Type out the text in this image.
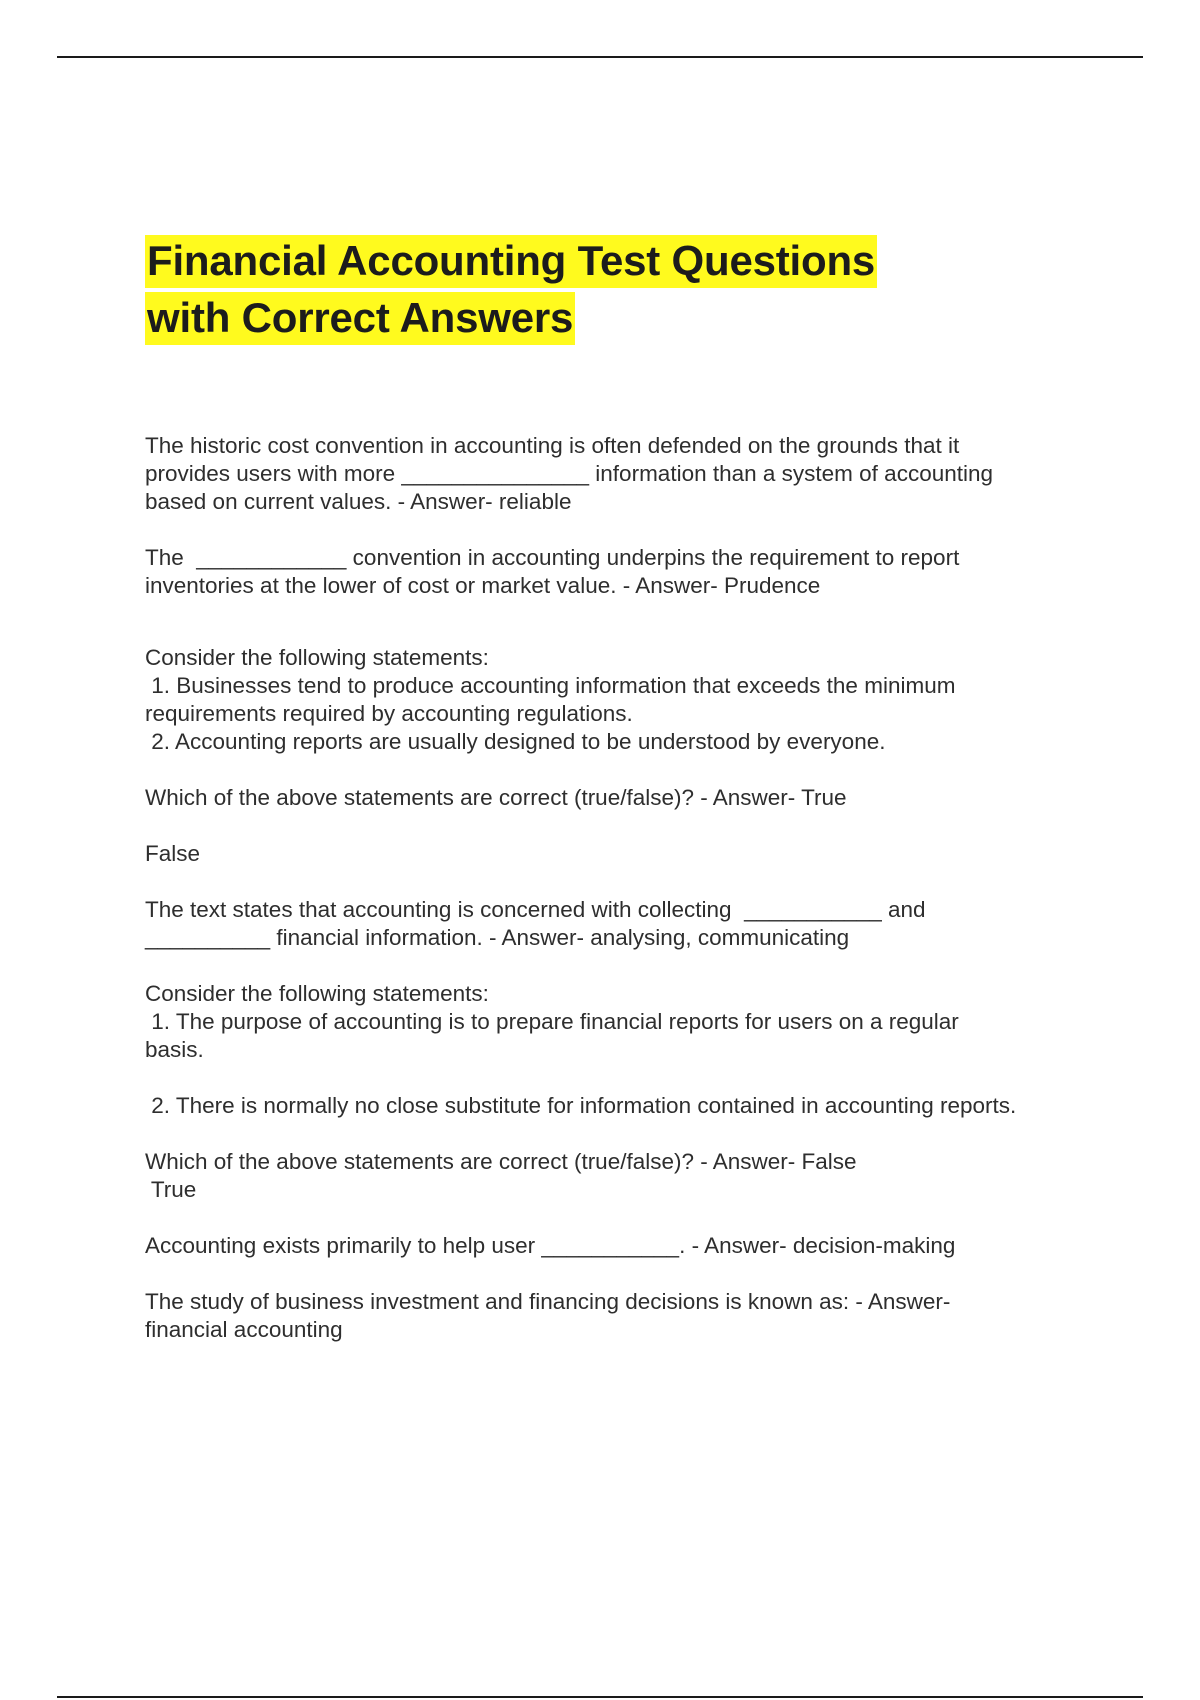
Financial Accounting Test Questions
with Correct Answers

The historic cost convention in accounting is often defended on the grounds that it

provides users with more _______________ information than a system of accounting

based on current values. - Answer- reliable

The  ____________ convention in accounting underpins the requirement to report

inventories at the lower of cost or market value. - Answer- Prudence

Consider the following statements:

1. Businesses tend to produce accounting information that exceeds the minimum

requirements required by accounting regulations.

2. Accounting reports are usually designed to be understood by everyone.

Which of the above statements are correct (true/false)? - Answer- True

False

The text states that accounting is concerned with collecting  ___________ and

__________ financial information. - Answer- analysing, communicating

Consider the following statements:

1. The purpose of accounting is to prepare financial reports for users on a regular

basis.

2. There is normally no close substitute for information contained in accounting reports.

Which of the above statements are correct (true/false)? - Answer- False

True

Accounting exists primarily to help user ___________. - Answer- decision-making

The study of business investment and financing decisions is known as: - Answer-

financial accounting
